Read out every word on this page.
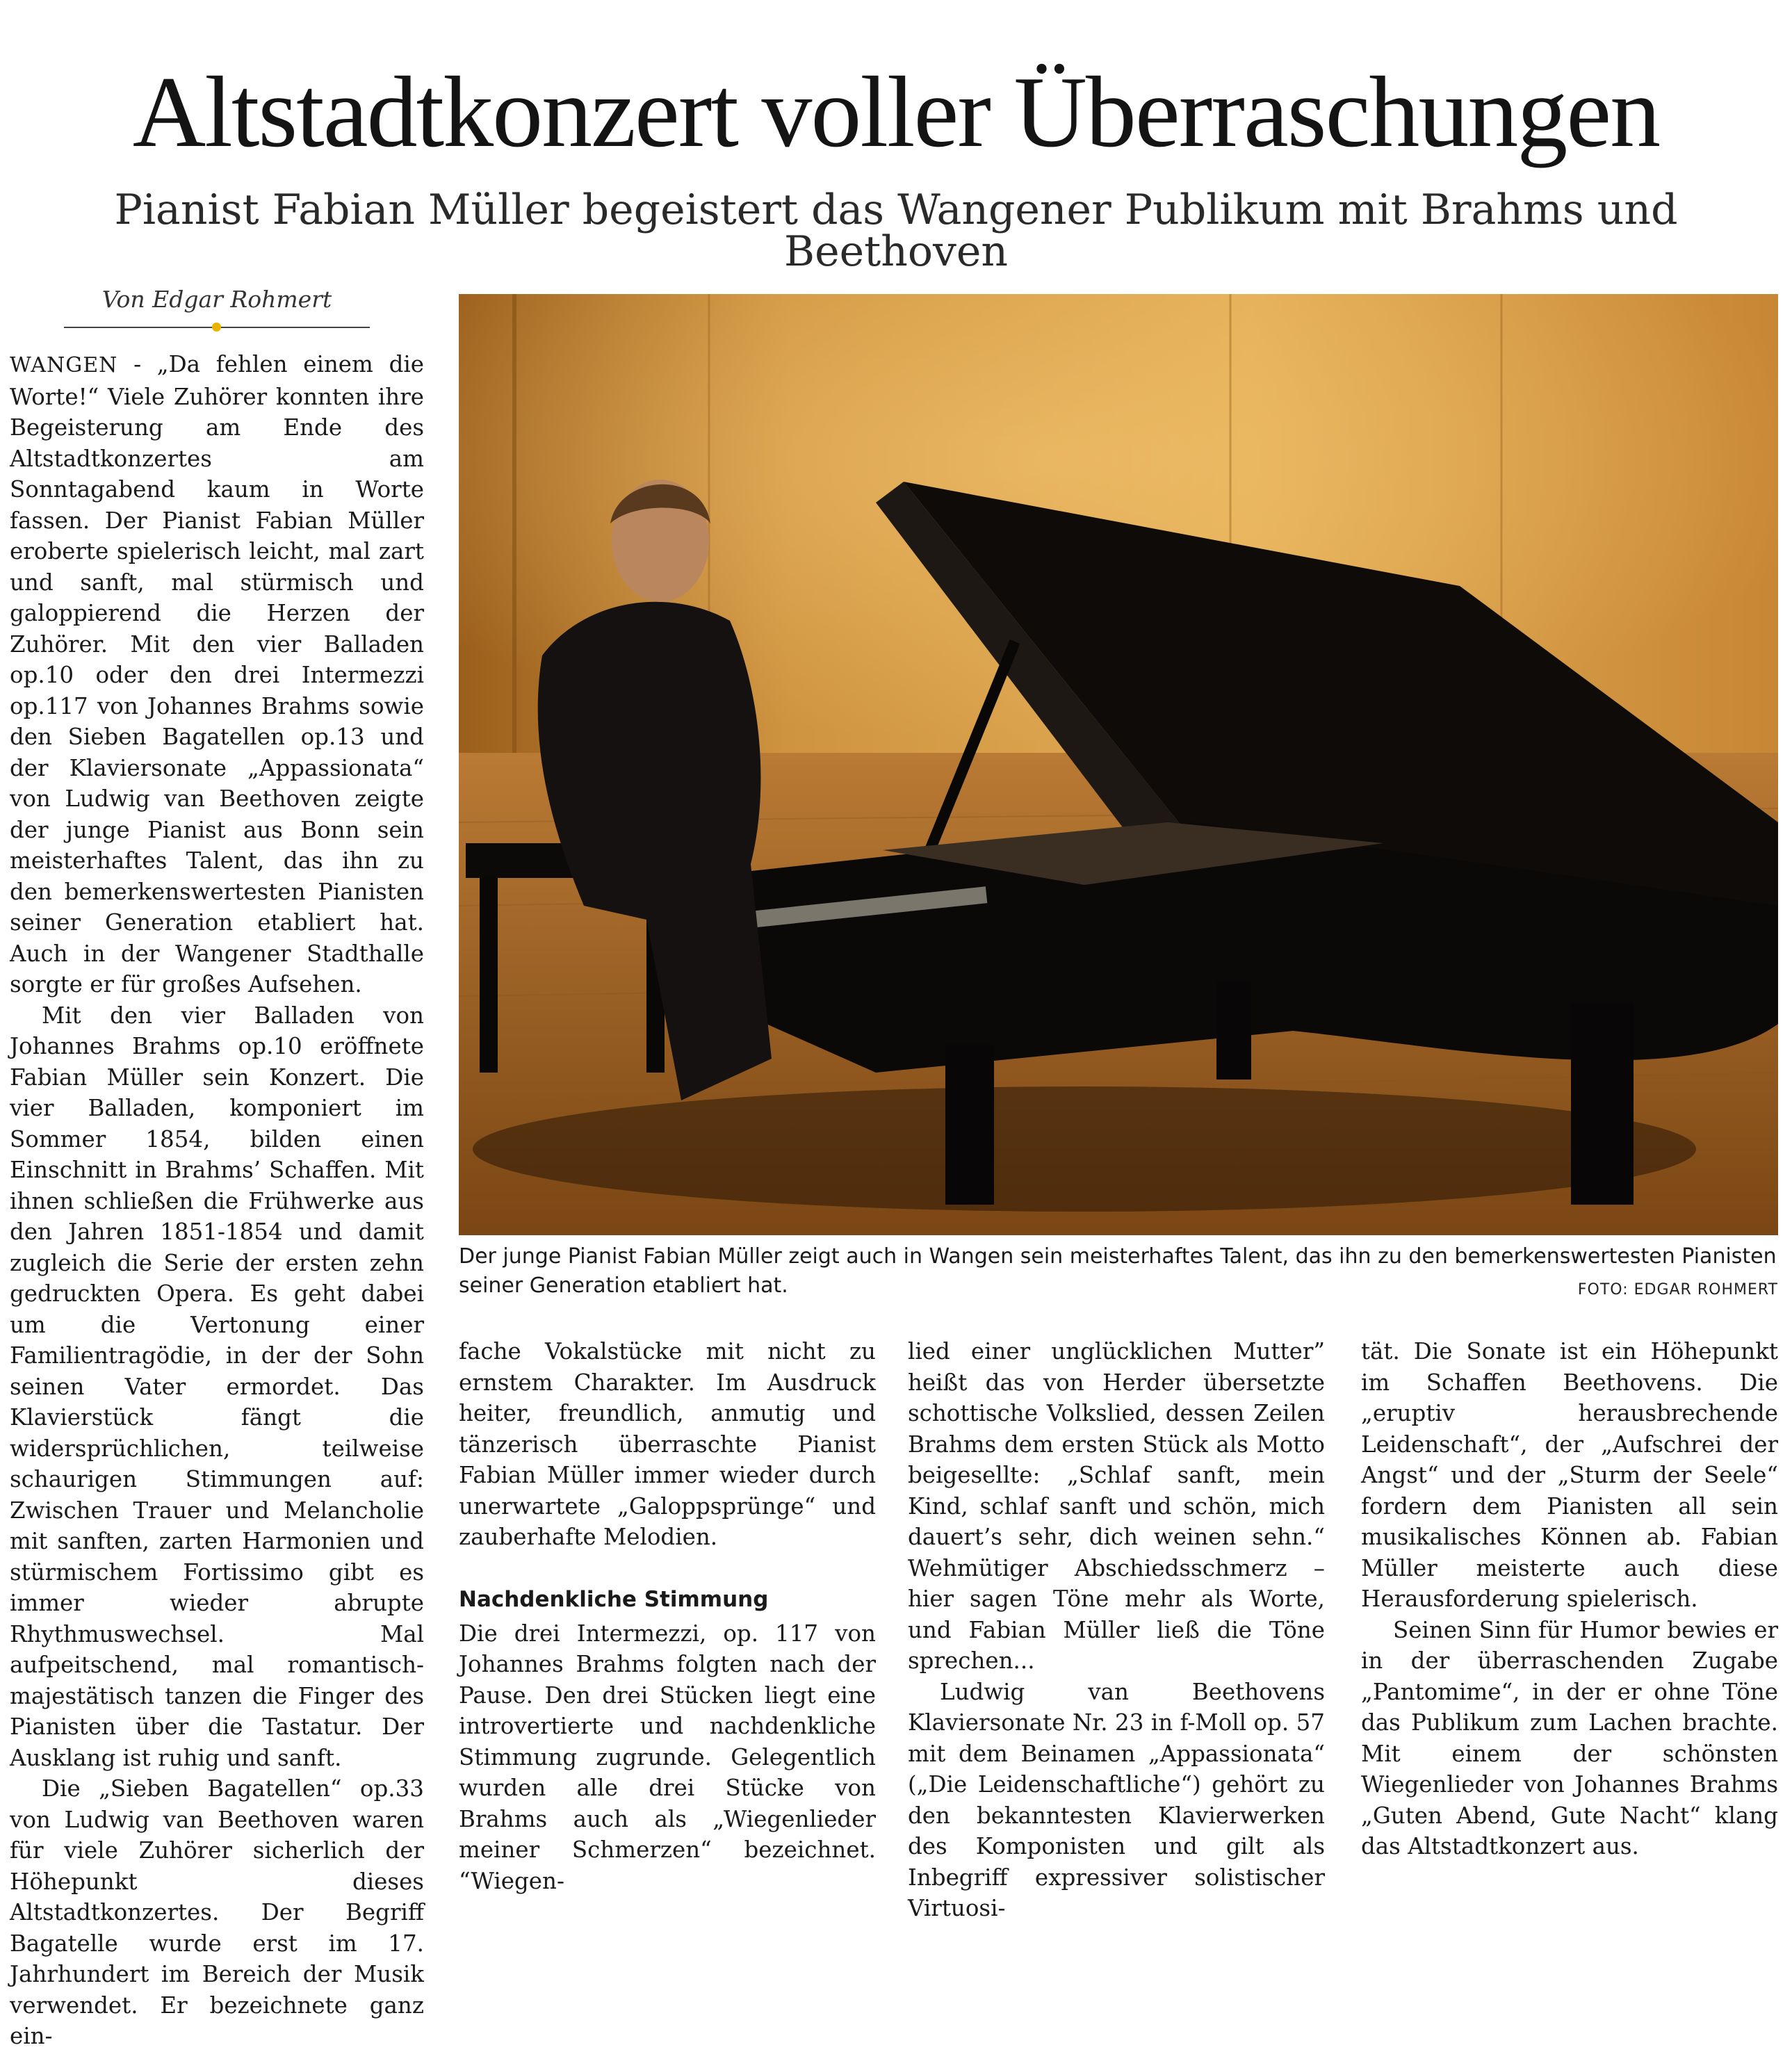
Altstadtkonzert voller Überraschungen
Pianist Fabian Müller begeistert das Wangener Publikum mit Brahms und Beethoven
Von Edgar Rohmert

WANGEN - „Da fehlen einem die Worte!“ Viele Zuhörer konnten ihre Begeisterung am Ende des Altstadtkonzertes am Sonntagabend kaum in Worte fassen. Der Pianist Fabian Müller eroberte spielerisch leicht, mal zart und sanft, mal stürmisch und galoppierend die Herzen der Zuhörer. Mit den vier Balladen op.10 oder den drei Intermezzi op.117 von Johannes Brahms sowie den Sieben Bagatellen op.13 und der Klaviersonate „Appassionata“ von Ludwig van Beethoven zeigte der junge Pianist aus Bonn sein meisterhaftes Talent, das ihn zu den bemerkenswertesten Pianisten seiner Generation etabliert hat. Auch in der Wangener Stadthalle sorgte er für großes Aufsehen.

Mit den vier Balladen von Johannes Brahms op.10 eröffnete Fabian Müller sein Konzert. Die vier Balladen, komponiert im Sommer 1854, bilden einen Einschnitt in Brahms’ Schaffen. Mit ihnen schließen die Frühwerke aus den Jahren 1851-1854 und damit zugleich die Serie der ersten zehn gedruckten Opera. Es geht dabei um die Vertonung einer Familientragödie, in der der Sohn seinen Vater ermordet. Das Klavierstück fängt die widersprüchlichen, teilweise schaurigen Stimmungen auf: Zwischen Trauer und Melancholie mit sanften, zarten Harmonien und stürmischem Fortissimo gibt es immer wieder abrupte Rhythmuswechsel. Mal aufpeitschend, mal romantisch-majestätisch tanzen die Finger des Pianisten über die Tastatur. Der Ausklang ist ruhig und sanft.

Die „Sieben Bagatellen“ op.33 von Ludwig van Beethoven waren für viele Zuhörer sicherlich der Höhepunkt dieses Altstadtkonzertes. Der Begriff Bagatelle wurde erst im 17. Jahrhundert im Bereich der Musik verwendet. Er bezeichnete ganz ein-

Der junge Pianist Fabian Müller zeigt auch in Wangen sein meisterhaftes Talent, das ihn zu den bemerkenswertesten Pianisten seiner Generation etabliert hat.	FOTO: EDGAR ROHMERT

fache Vokalstücke mit nicht zu ernstem Charakter. Im Ausdruck heiter, freundlich, anmutig und tänzerisch überraschte Pianist Fabian Müller immer wieder durch unerwartete „Galoppsprünge“ und zauberhafte Melodien.

Nachdenkliche Stimmung

Die drei Intermezzi, op. 117 von Johannes Brahms folgten nach der Pause. Den drei Stücken liegt eine introvertierte und nachdenkliche Stimmung zugrunde. Gelegentlich wurden alle drei Stücke von Brahms auch als „Wiegenlieder meiner Schmerzen“ bezeichnet. “Wiegen-

lied einer unglücklichen Mutter” heißt das von Herder übersetzte schottische Volkslied, dessen Zeilen Brahms dem ersten Stück als Motto beigesellte: „Schlaf sanft, mein Kind, schlaf sanft und schön, mich dauert’s sehr, dich weinen sehn.“ Wehmütiger Abschiedsschmerz – hier sagen Töne mehr als Worte, und Fabian Müller ließ die Töne sprechen...

Ludwig van Beethovens Klaviersonate Nr. 23 in f-Moll op. 57 mit dem Beinamen „Appassionata“ („Die Leidenschaftliche“) gehört zu den bekanntesten Klavierwerken des Komponisten und gilt als Inbegriff expressiver solistischer Virtuosi-

tät. Die Sonate ist ein Höhepunkt im Schaffen Beethovens. Die „eruptiv herausbrechende Leidenschaft“, der „Aufschrei der Angst“ und der „Sturm der Seele“ fordern dem Pianisten all sein musikalisches Können ab. Fabian Müller meisterte auch diese Herausforderung spielerisch.

Seinen Sinn für Humor bewies er in der überraschenden Zugabe „Pantomime“, in der er ohne Töne das Publikum zum Lachen brachte. Mit einem der schönsten Wiegenlieder von Johannes Brahms „Guten Abend, Gute Nacht“ klang das Altstadtkonzert aus.
